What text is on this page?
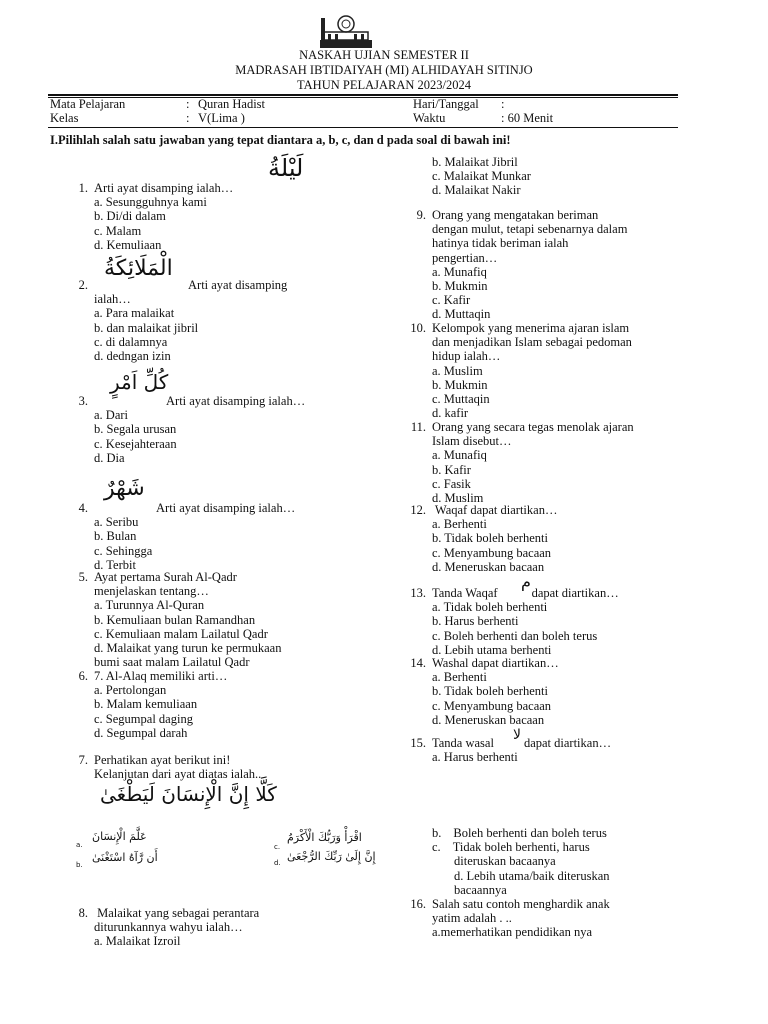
NASKAH UJIAN SEMESTER II
MADRASAH IBTIDAIYAH (MI) ALHIDAYAH SITINJO
TAHUN PELAJARAN 2023/2024
Mata Pelajaran	: Quran Hadist	Hari/Tanggal :
Kelas	: V(Lima )	Waktu	: 60 Menit
I.Pilihlah salah satu jawaban yang tepat diantara a, b, c, dan d pada soal di bawah ini!
لَيْلَةُ
1. Arti ayat disamping ialah…
a. Sesungguhnya kami
b. Di/di dalam
c. Malam
d. Kemuliaan
الْمَلَائِكَةُ
2.	Arti ayat disamping
ialah…
a. Para malaikat
b. dan malaikat jibril
c. di dalamnya
d. dedngan izin
كُلِّ اَمْرٍ
3.	Arti ayat disamping ialah…
a. Dari
b. Segala urusan
c. Kesejahteraan
d. Dia
شَهْرٌ
4.	Arti ayat disamping ialah…
a. Seribu
b. Bulan
c. Sehingga
d. Terbit
5. Ayat pertama Surah Al-Qadr
menjelaskan tentang…
a. Turunnya Al-Quran
b. Kemuliaan bulan Ramandhan
c. Kemuliaan malam Lailatul Qadr
d. Malaikat yang turun ke permukaan
bumi saat malam Lailatul Qadr
6. 7. Al-Alaq memiliki arti…
a. Pertolongan
b. Malam kemuliaan
c. Segumpal daging
d. Segumpal darah
7. Perhatikan ayat berikut ini!
Kelanjutan dari ayat diatas ialah..
كَلَّا إِنَّ الْإِنسَانَ لَيَطْغَىٰ
a.
عَلَّمَ الْإِنسَانَ
b.
أَن رَّآهُ اسْتَغْنَىٰ
c.
اقْرَأْ وَرَبُّكَ الْأَكْرَمُ
d. إِنَّ إِلَىٰ رَبِّكَ الرُّجْعَىٰ
8. Malaikat yang sebagai perantara
diturunkannya wahyu ialah…
a. Malaikat Izroil
b. Malaikat Jibril
c. Malaikat Munkar
d. Malaikat Nakir
9. Orang yang mengatakan beriman
dengan mulut, tetapi sebenarnya dalam
hatinya tidak beriman ialah
pengertian…
a. Munafiq
b. Mukmin
c. Kafir
d. Muttaqin
10. Kelompok yang menerima ajaran islam
dan menjadikan Islam sebagai pedoman
hidup ialah…
a. Muslim
b. Mukmin
c. Muttaqin
d. kafir
11. Orang yang secara tegas menolak ajaran
Islam disebut…
a. Munafiq
b. Kafir
c. Fasik
d. Muslim
12. Waqaf dapat diartikan…
a. Berhenti
b. Tidak boleh berhenti
c. Menyambung bacaan
d. Meneruskan bacaan
م
13. Tanda Waqaf	dapat diartikan…
a. Tidak boleh berhenti
b. Harus berhenti
c. Boleh berhenti dan boleh terus
d. Lebih utama berhenti
14. Washal dapat diartikan…
a. Berhenti
b. Tidak boleh berhenti
c. Menyambung bacaan
d. Meneruskan bacaan
لا
15. Tanda wasal dapat diartikan…
a. Harus berhenti
b. Boleh berhenti dan boleh terus
c. Tidak boleh berhenti, harus
diteruskan bacaanya
d. Lebih utama/baik diteruskan
bacaannya
16. Salah satu contoh menghardik anak
yatim adalah . ..
a.memerhatikan pendidikan nya
